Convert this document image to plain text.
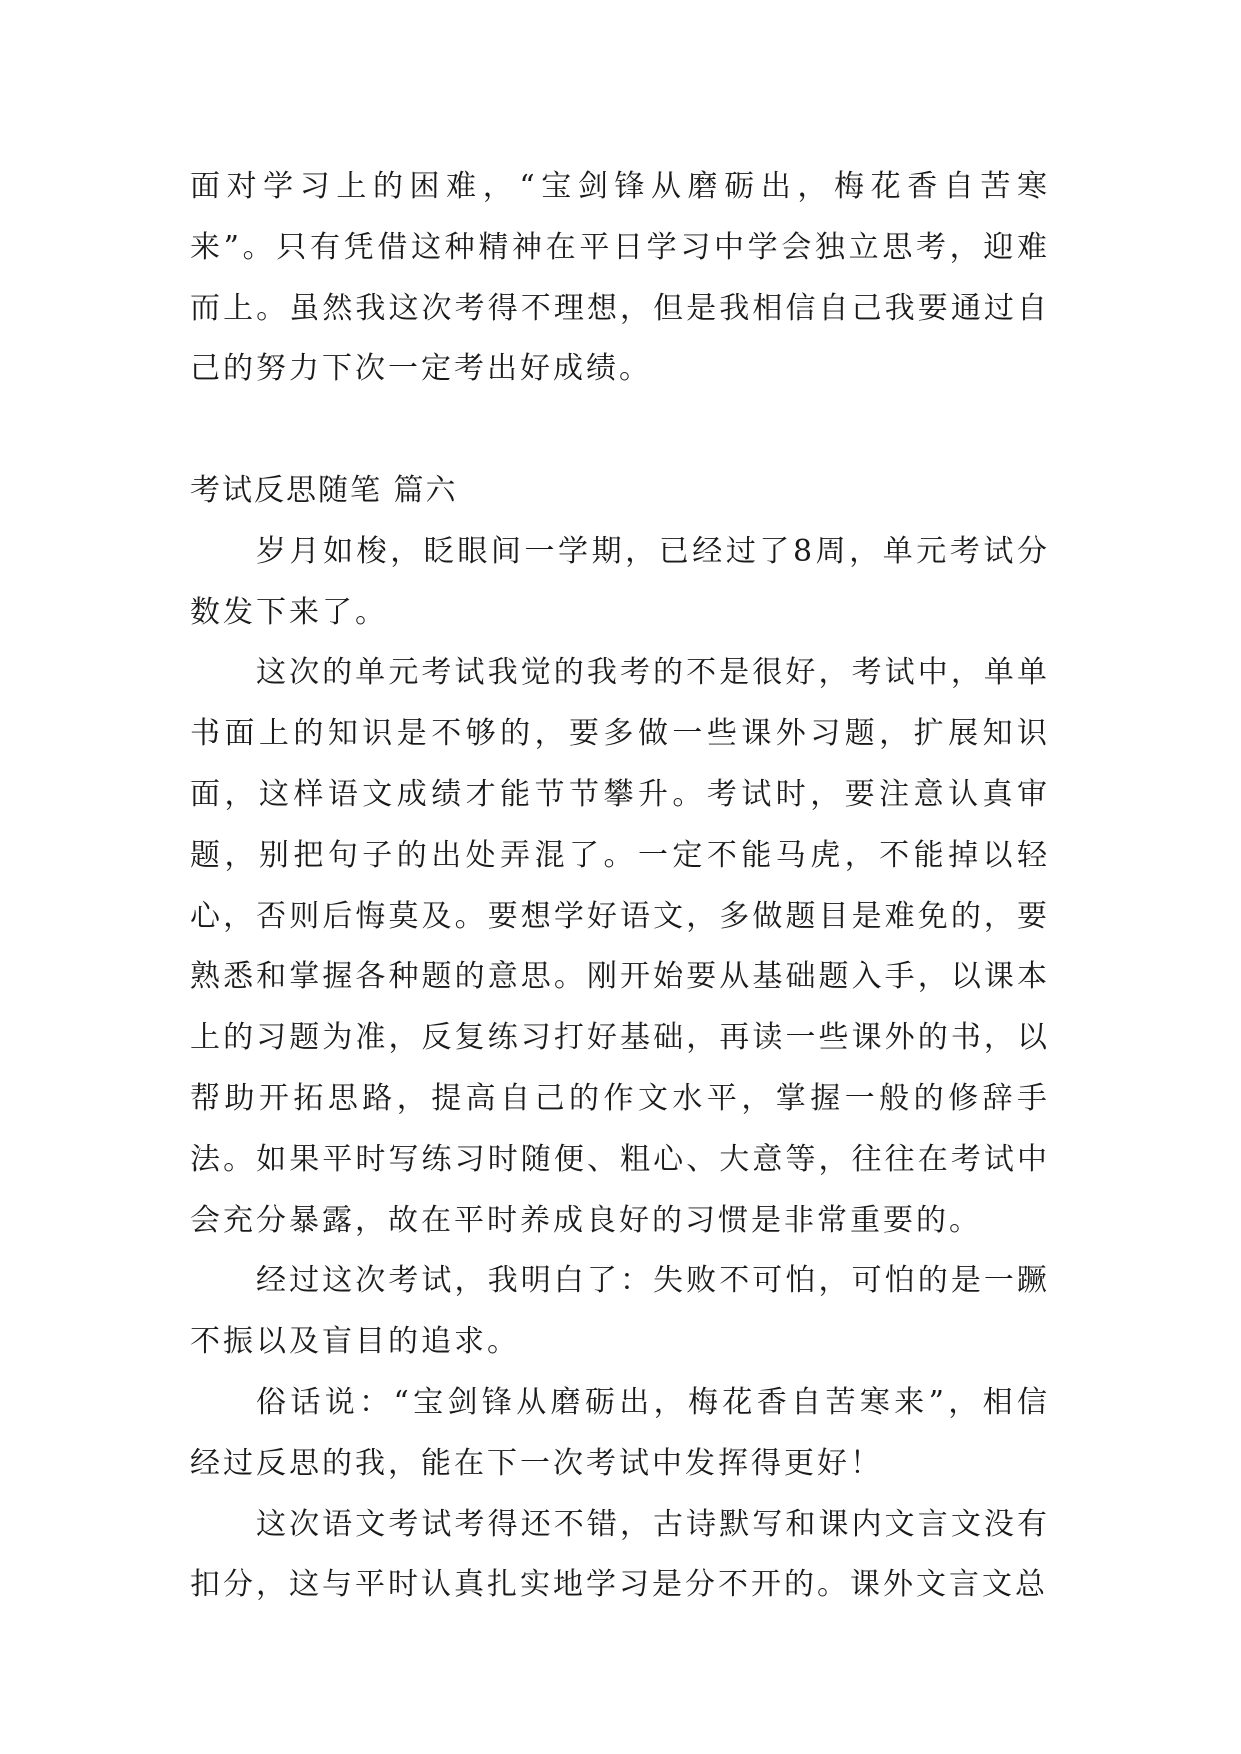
面对学习上的困难，“宝剑锋从磨砺出，梅花香自苦寒来”。只有凭借这种精神在平日学习中学会独立思考，迎难而上。虽然我这次考得不理想，但是我相信自己我要通过自己的努力下次一定考出好成绩。

考试反思随笔 篇六

岁月如梭，眨眼间一学期，已经过了8周，单元考试分数发下来了。

这次的单元考试我觉的我考的不是很好，考试中，单单书面上的知识是不够的，要多做一些课外习题，扩展知识面，这样语文成绩才能节节攀升。考试时，要注意认真审题，别把句子的出处弄混了。一定不能马虎，不能掉以轻心，否则后悔莫及。要想学好语文，多做题目是难免的，要熟悉和掌握各种题的意思。刚开始要从基础题入手，以课本上的习题为准，反复练习打好基础，再读一些课外的书，以帮助开拓思路，提高自己的作文水平，掌握一般的修辞手法。如果平时写练习时随便、粗心、大意等，往往在考试中会充分暴露，故在平时养成良好的习惯是非常重要的。

经过这次考试，我明白了：失败不可怕，可怕的是一蹶不振以及盲目的追求。

俗话说：“宝剑锋从磨砺出，梅花香自苦寒来”，相信经过反思的我，能在下一次考试中发挥得更好！

这次语文考试考得还不错，古诗默写和课内文言文没有扣分，这与平时认真扎实地学习是分不开的。课外文言文总
